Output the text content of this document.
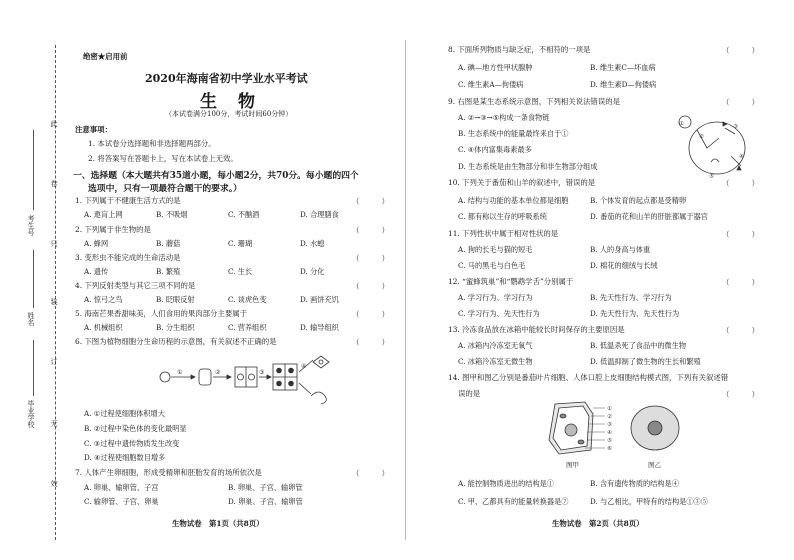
绝密★启用前
2020年海南省初中学业水平考试
生　物
（本试卷满分100分，考试时间60分钟）
注意事项：
1. 本试卷分选择题和非选择题两部分。
2. 将答案写在答题卡上，写在本试卷上无效。
一、选择题（本大题共有35道小题，每小题2分，共70分。每小题的四个
选项中，只有一项最符合题干的要求。）
此
卷
只
装
订
无
效
考生号
姓名
毕业学校
1. 下列属于不健康生活方式的是	（　　　）
A. 遨肓上网	B. 不吸烟	C. 不酗酒	D. 合理膳食
2. 下列属于非生物的是	（　　　）
A. 蜂网	B. 蘑菇	C. 珊瑚	D. 水螅
3. 变形虫不能完成的生命活动是	（　　　）
A. 遗传	B. 繁殖	C. 生长	D. 分化
4. 下列反射类型与其它三项不同的是	（　　　）
A. 惊弓之鸟	B. 眨眼反射	C. 谈虎色变	D. 画饼充饥
5. 海南芒果香甜味美，人们食用的果肉部分主要属于	（　　　）
A. 机械组织	B. 分生组织	C. 营养组织	D. 输导组织
6. 下图为植物细胞分生命历程的示意图，有关叙述不正确的是	（　　　）
①	②	③
④
A. ①过程使细胞体积增大
B. ②过程中染色体的变化最明显
C. ③过程中遗传物质发生改变
D. ④过程使细胞数目增多
7. 人体产生卵细胞，形成受精卵和胚胎发育的场所依次是	（　　　）
A. 卵巢、输卵管、子宫	B. 卵巢、子宫、输卵管
C. 输卵管、子宫、卵巢	D. 卵巢、子宫、输卵管
生物试卷　第1页（共8页）
8. 下面所列物质与缺乏症，不相符的一项是	（　　　）
A. 碘—地方性甲状腺肿	B. 维生素C—坏血病
C. 维生素A—佝偻病	D. 维生素D—佝偻病
9. 右图是某生态系统示意图，下列相关说法错误的是	（　　　）
A. ②→③→⑤构成一条食物链
B. 生态系统中的能量最终来自于①
C. ④体内富集毒素最多
D. 生态系统是由生物部分和非生物部分组成
①
②
③
④
⑤
10. 下列关于番茄和山羊的叙述中，错误的是	（　　　）
A. 结构与功能的基本单位都是细胞	B. 个体发育的起点都是受精卵
C. 都有称以生存的呼吸系统	D. 番茄的花和山羊的肝脏都属于器官
11. 下列性状中属于相对性状的是	（　　　）
A. 狗的长毛与猫的短毛	B. 人的身高与体重
C. 马的黑毛与白色毛	D. 棉花的细绒与长绒
12. “蜜蜂筑巢”和“鹦鹉学舌”分别属于	（　　　）
A. 学习行为、学习行为	B. 先天性行为、学习行为
C. 学习行为、先天性行为	D. 先天性行为、先天性行为
13. 冷冻食品放在冰箱中能较长时间保存的主要原因是	（　　　）
A. 冰箱内冷冻室无氧气	B. 低温杀死了食品中的微生物
C. 冰箱冷冻室无微生物	D. 低温抑制了微生物的生长和繁殖
14. 图甲和图乙分别是番茄叶片细胞、人体口腔上皮细胞结构模式图，下列有关叙述错
误的是	（　　　）
①
②
③
④
⑤
⑥
图甲	图乙
A. 能控制物质进出的结构是①	B. 含有遗传物质的结构是④
C. 甲、乙都具有的能量转换器是⑦	D. 与乙相比，甲特有的结构是①③⑤
生物试卷　第2页（共8页）
